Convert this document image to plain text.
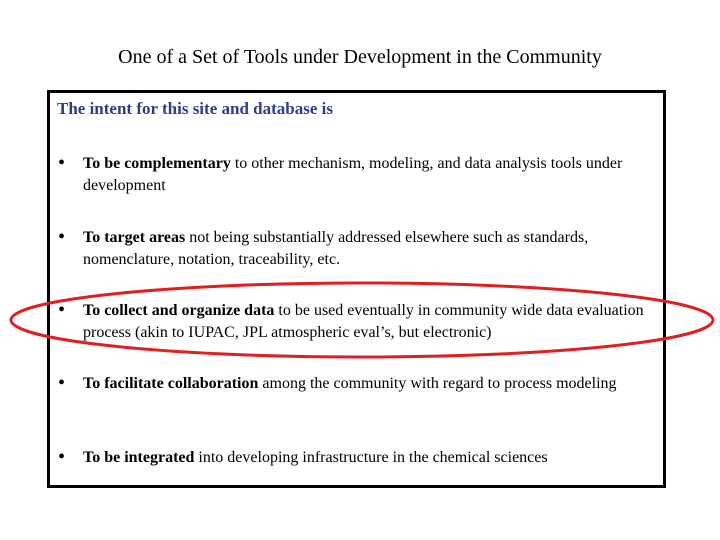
One of a Set of Tools under Development in the Community
The intent for this site and database is
• To be complementary to other mechanism, modeling, and data analysis tools under development
• To target areas not being substantially addressed elsewhere such as standards, nomenclature, notation, traceability, etc.
• To collect and organize data to be used eventually in community wide data evaluation process (akin to IUPAC, JPL atmospheric eval’s, but electronic)
• To facilitate collaboration among the community with regard to process modeling
• To be integrated into developing infrastructure in the chemical sciences
